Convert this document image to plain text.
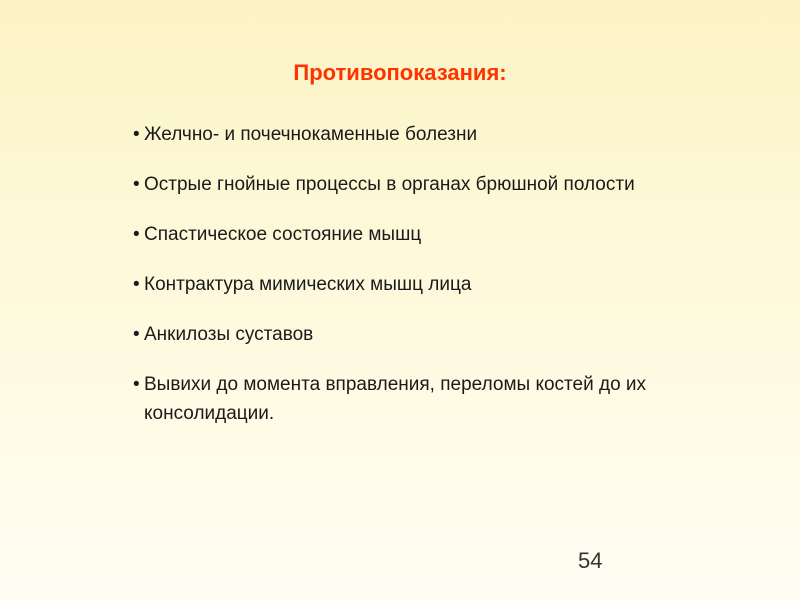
Противопоказания:
• Желчно- и почечнокаменные болезни
• Острые гнойные процессы в органах брюшной полости
• Спастическое состояние мышц
• Контрактура мимических мышц лица
• Анкилозы суставов
• Вывихи до момента вправления, переломы костей до их консолидации.
54
